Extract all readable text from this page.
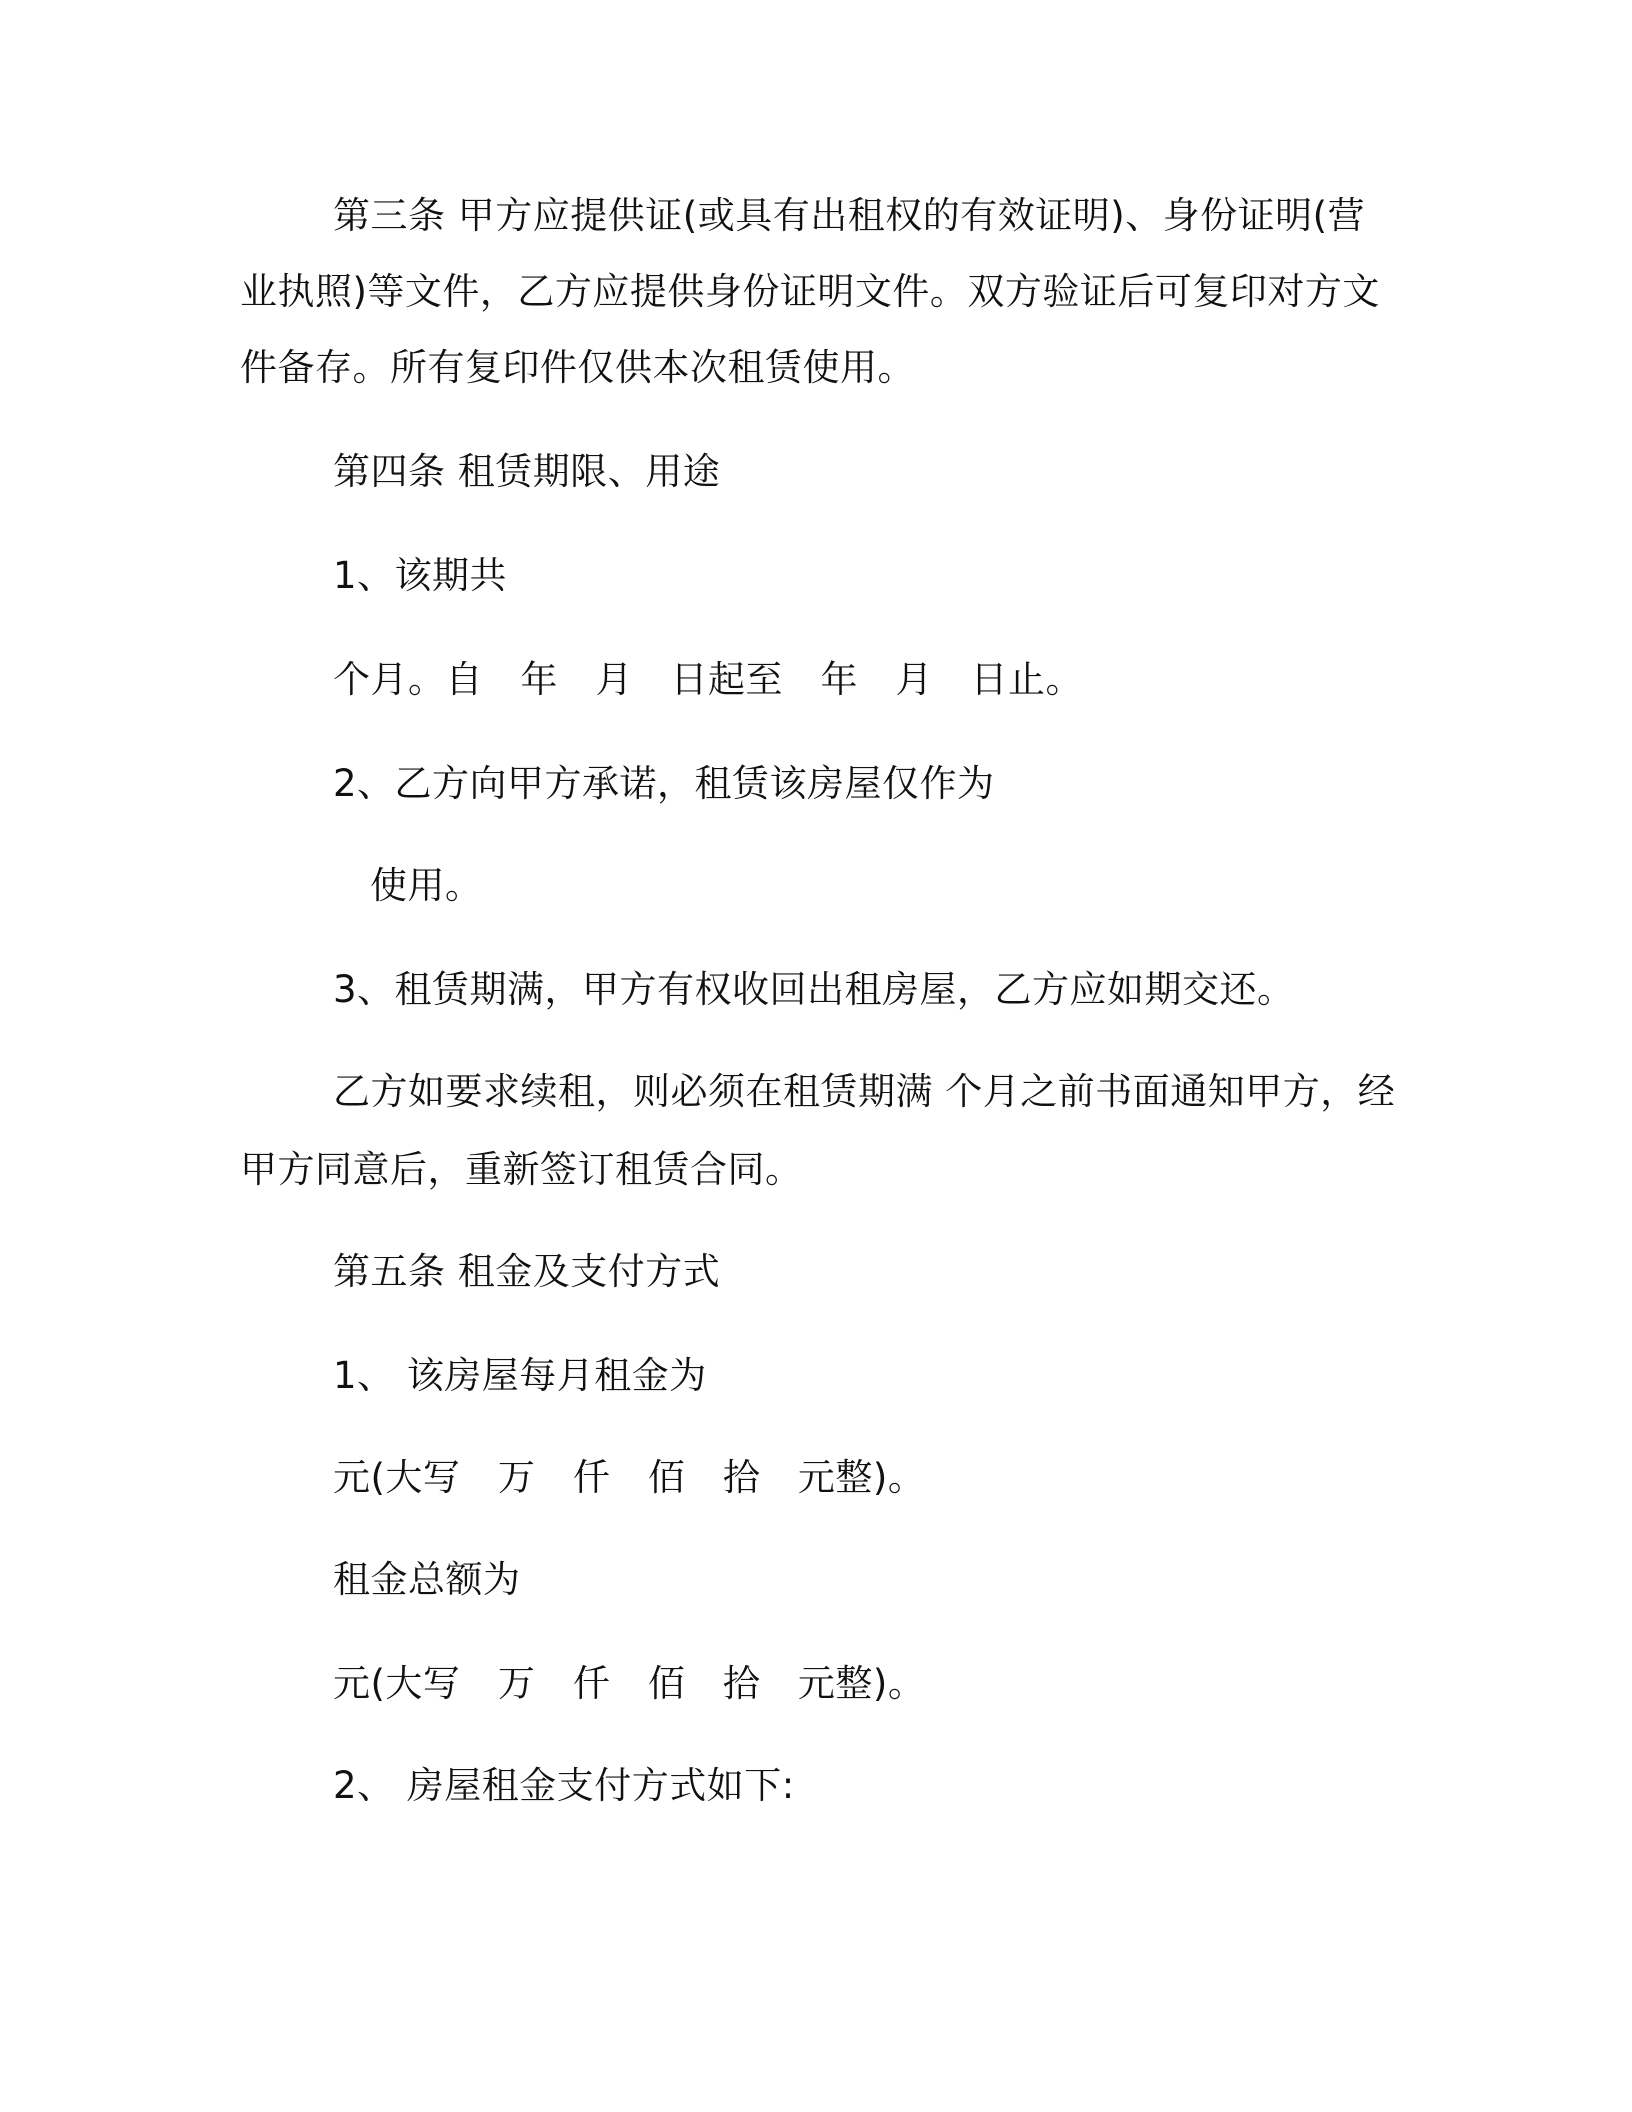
第三条 甲方应提供证(或具有出租权的有效证明)、身份证明(营
业执照)等文件，乙方应提供身份证明文件。双方验证后可复印对方文
件备存。所有复印件仅供本次租赁使用。
第四条 租赁期限、用途
1、该期共
个月。自　年　月　日起至　年　月　日止。
2、乙方向甲方承诺，租赁该房屋仅作为
使用。
3、租赁期满，甲方有权收回出租房屋，乙方应如期交还。
乙方如要求续租，则必须在租赁期满 个月之前书面通知甲方，经
甲方同意后，重新签订租赁合同。
第五条 租金及支付方式
1、 该房屋每月租金为
元(大写　万　仟　佰　拾　元整)。
租金总额为
元(大写　万　仟　佰　拾　元整)。
2、 房屋租金支付方式如下:
